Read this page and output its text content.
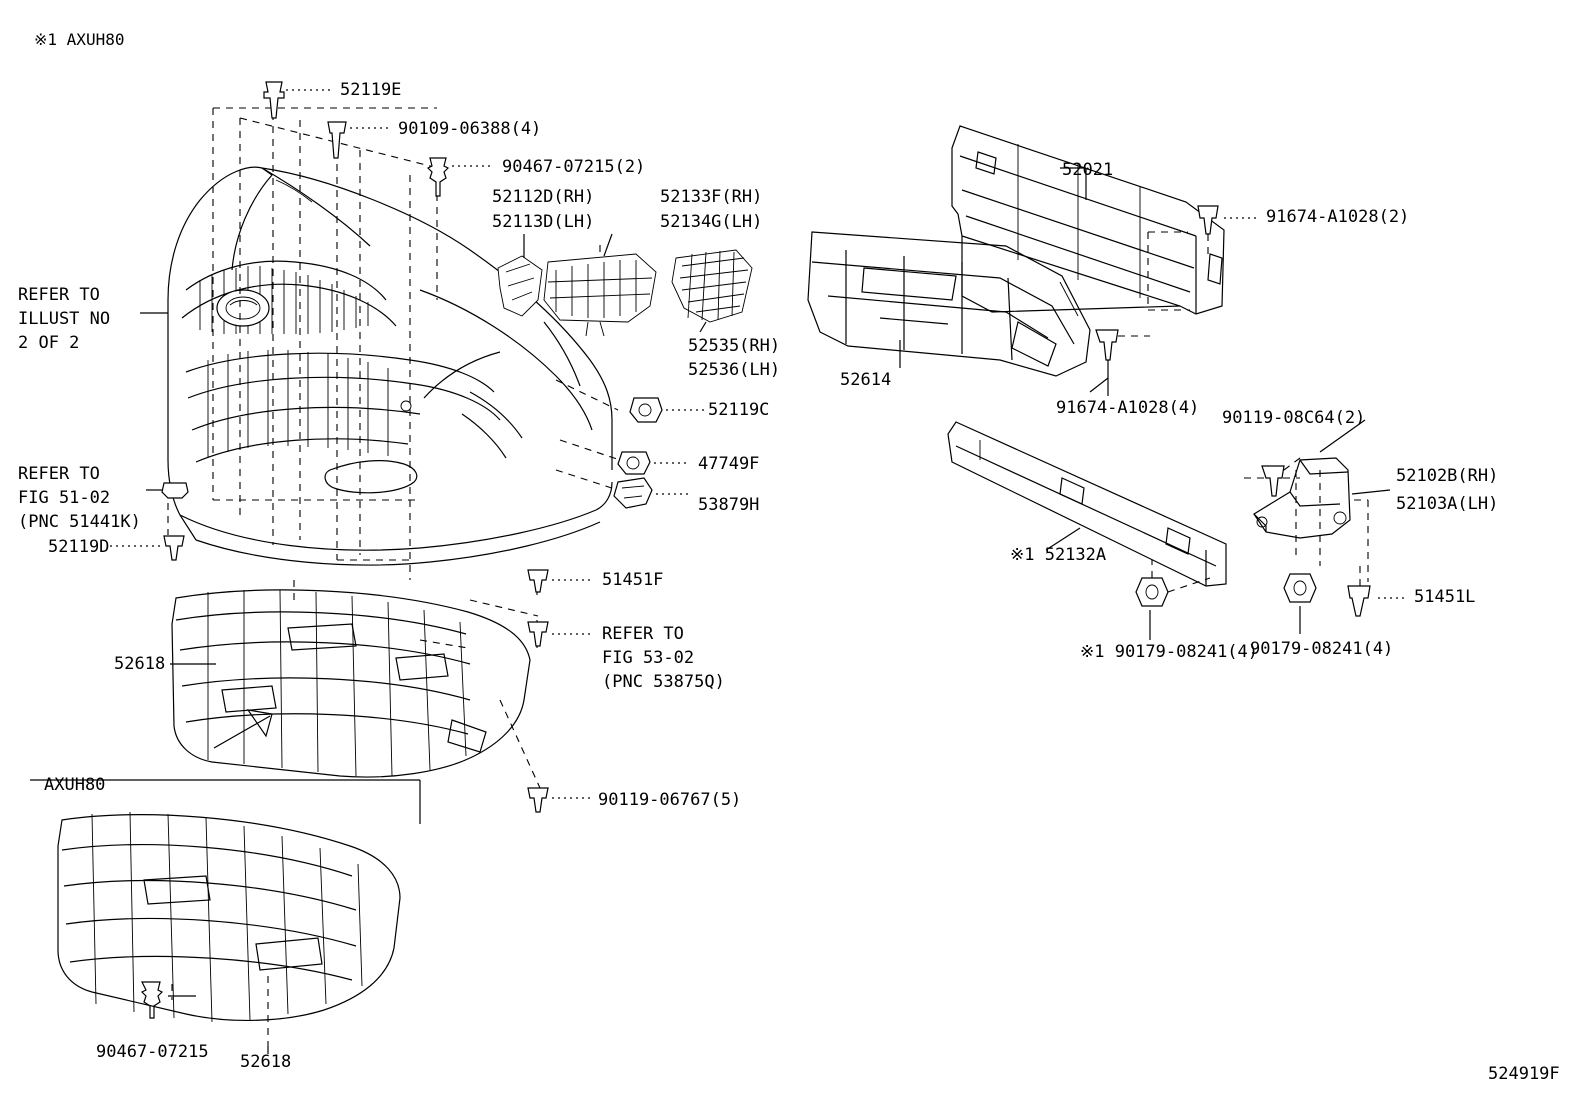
※1 AXUH80
52119E
90109-06388(4)
90467-07215(2)
52112D(RH)
52113D(LH)
52133F(RH)
52134G(LH)
52535(RH)
52536(LH)
52119C
47749F
53879H
51451F
52119D
52618
90119-06767(5)
52618
90467-07215
52021
91674-A1028(2)
52614
91674-A1028(4) 90119-08C64(2)
52102B(RH)
52103A(LH)
※1 52132A
51451L
※1 90179-08241(4)
90179-08241(4)
REFER TO
ILLUST NO
2 OF 2
REFER TO
FIG 51-02
(PNC 51441K)
REFER TO
FIG 53-02
(PNC 53875Q)
AXUH80
524919F
